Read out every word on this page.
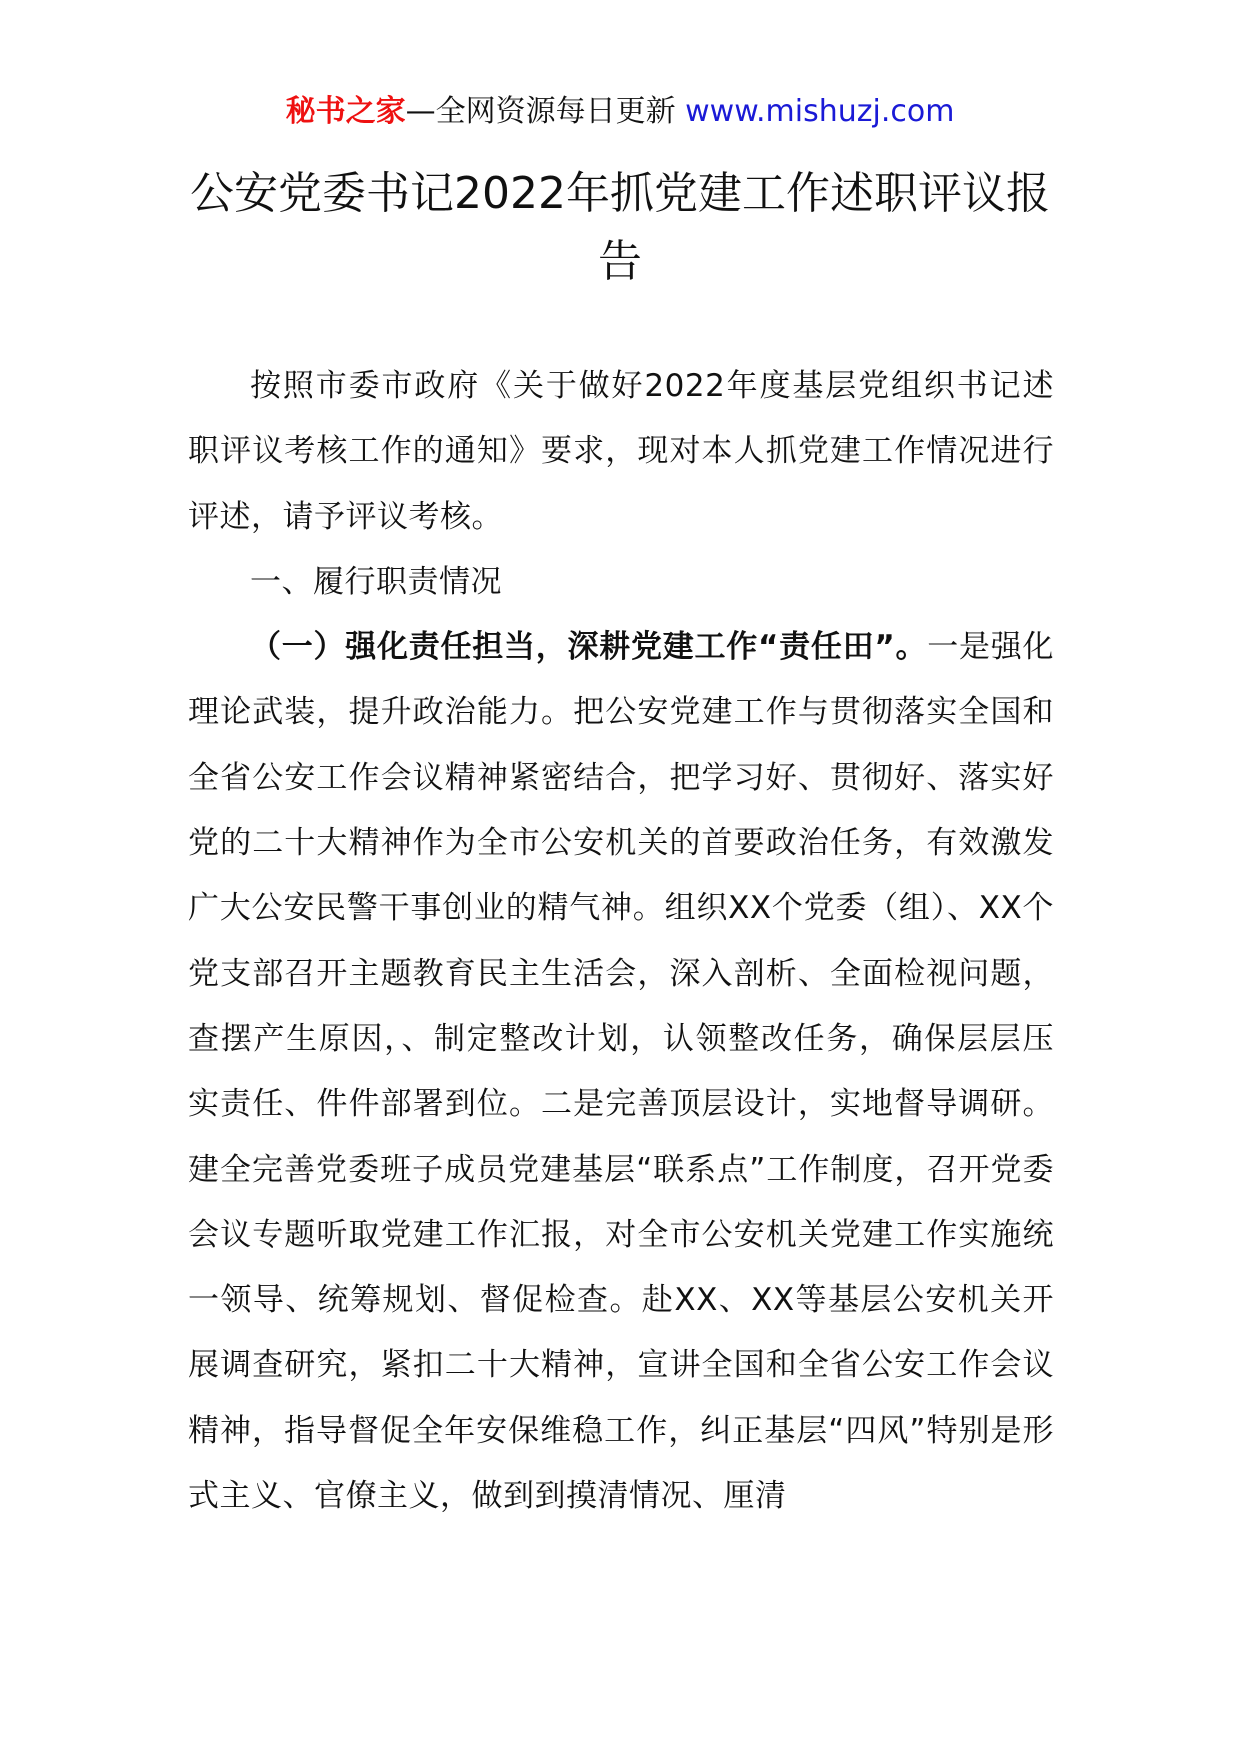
秘书之家—全网资源每日更新 www.mishuzj.com
公安党委书记2022年抓党建工作述职评议报告

按照市委市政府《关于做好2022年度基层党组织书记述职评议考核工作的通知》要求，现对本人抓党建工作情况进行评述，请予评议考核。

一、履行职责情况

（一）强化责任担当，深耕党建工作“责任田”。一是强化理论武装，提升政治能力。把公安党建工作与贯彻落实全国和全省公安工作会议精神紧密结合，把学习好、贯彻好、落实好党的二十大精神作为全市公安机关的首要政治任务，有效激发广大公安民警干事创业的精气神。组织XX个党委（组）、XX个党支部召开主题教育民主生活会，深入剖析、全面检视问题，查摆产生原因，、制定整改计划，认领整改任务，确保层层压实责任、件件部署到位。二是完善顶层设计，实地督导调研。建全完善党委班子成员党建基层“联系点”工作制度，召开党委会议专题听取党建工作汇报，对全市公安机关党建工作实施统一领导、统筹规划、督促检查。赴XX、XX等基层公安机关开展调查研究，紧扣二十大精神，宣讲全国和全省公安工作会议精神，指导督促全年安保维稳工作，纠正基层“四风”特别是形式主义、官僚主义，做到到摸清情况、厘清
